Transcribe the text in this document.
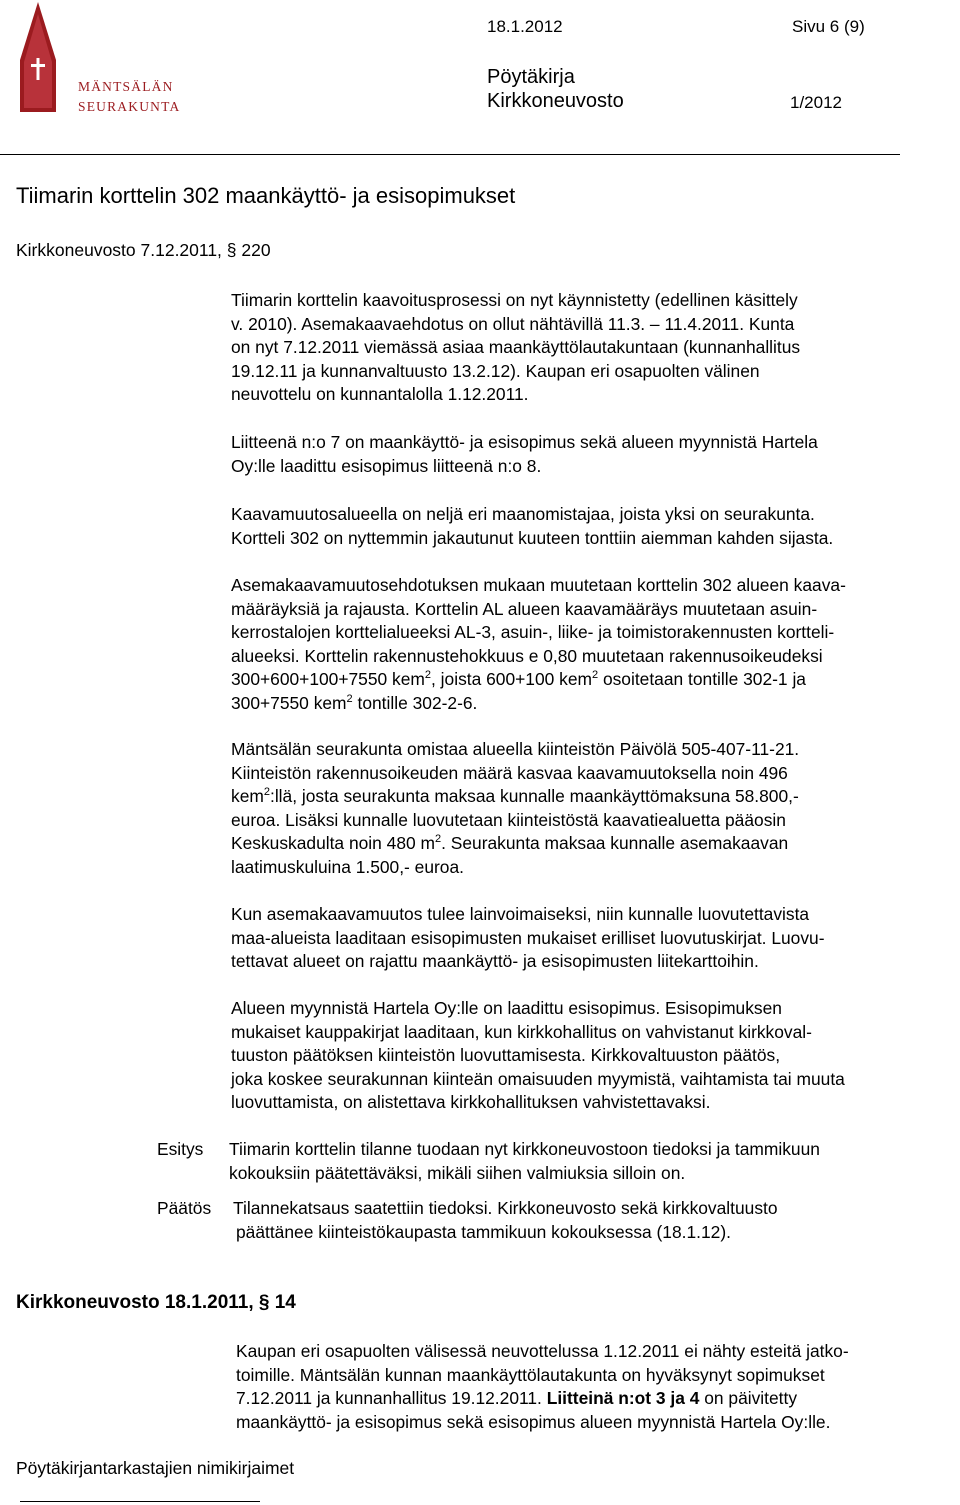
MÄNTSÄLÄN
SEURAKUNTA
18.1.2012	Sivu 6 (9)
Pöytäkirja
Kirkkoneuvosto	1/2012
Tiimarin korttelin 302 maankäyttö- ja esisopimukset
Kirkkoneuvosto 7.12.2011, § 220
Tiimarin korttelin kaavoitusprosessi on nyt käynnistetty (edellinen käsittely
v. 2010). Asemakaavaehdotus on ollut nähtävillä 11.3. – 11.4.2011. Kunta
on nyt 7.12.2011 viemässä asiaa maankäyttölautakuntaan (kunnanhallitus
19.12.11 ja kunnanvaltuusto 13.2.12). Kaupan eri osapuolten välinen
neuvottelu on kunnantalolla 1.12.2011.
Liitteenä n:o 7 on maankäyttö- ja esisopimus sekä alueen myynnistä Hartela
Oy:lle laadittu esisopimus liitteenä n:o 8.
Kaavamuutosalueella on neljä eri maanomistajaa, joista yksi on seurakunta.
Kortteli 302 on nyttemmin jakautunut kuuteen tonttiin aiemman kahden sijasta.
Asemakaavamuutosehdotuksen mukaan muutetaan korttelin 302 alueen kaava-
määräyksiä ja rajausta. Korttelin AL alueen kaavamääräys muutetaan asuin-
kerrostalojen korttelialueeksi AL-3, asuin-, liike- ja toimistorakennusten kortteli-
alueeksi. Korttelin rakennustehokkuus e 0,80 muutetaan rakennusoikeudeksi
300+600+100+7550 kem$^2$, joista 600+100 kem$^2$ osoitetaan tontille 302-1 ja
300+7550 kem$^2$ tontille 302-2-6.
Mäntsälän seurakunta omistaa alueella kiinteistön Päivölä 505-407-11-21.
Kiinteistön rakennusoikeuden määrä kasvaa kaavamuutoksella noin 496
kem$^2$:llä, josta seurakunta maksaa kunnalle maankäyttömaksuna 58.800,-
euroa. Lisäksi kunnalle luovutetaan kiinteistöstä kaavatiealuetta pääosin
Keskuskadulta noin 480 $m^2$. Seurakunta maksaa kunnalle asemakaavan
laatimuskuluina 1.500,- euroa.
Kun asemakaavamuutos tulee lainvoimaiseksi, niin kunnalle luovutettavista
maa-alueista laaditaan esisopimusten mukaiset erilliset luovutuskirjat. Luovu-
tettavat alueet on rajattu maankäyttö- ja esisopimusten liitekarttoihin.
Alueen myynnistä Hartela Oy:lle on laadittu esisopimus. Esisopimuksen
mukaiset kauppakirjat laaditaan, kun kirkkohallitus on vahvistanut kirkkoval-
tuuston päätöksen kiinteistön luovuttamisesta. Kirkkovaltuuston päätös,
joka koskee seurakunnan kiinteän omaisuuden myymistä, vaihtamista tai muuta
luovuttamista, on alistettava kirkkohallituksen vahvistettavaksi.
Esitys Tiimarin korttelin tilanne tuodaan nyt kirkkoneuvostoon tiedoksi ja tammikuun
kokouksiin päätettäväksi, mikäli siihen valmiuksia silloin on.
Päätös Tilannekatsaus saatettiin tiedoksi. Kirkkoneuvosto sekä kirkkovaltuusto
päättänee kiinteistökaupasta tammikuun kokouksessa (18.1.12).
Kirkkoneuvosto 18.1.2011, § 14
Kaupan eri osapuolten välisessä neuvottelussa 1.12.2011 ei nähty esteitä jatko-
toimille. Mäntsälän kunnan maankäyttölautakunta on hyväksynyt sopimukset
7.12.2011 ja kunnanhallitus 19.12.2011. Liitteinä n:ot 3 ja 4 on päivitetty
maankäyttö- ja esisopimus sekä esisopimus alueen myynnistä Hartela Oy:lle.
Pöytäkirjantarkastajien nimikirjaimet
